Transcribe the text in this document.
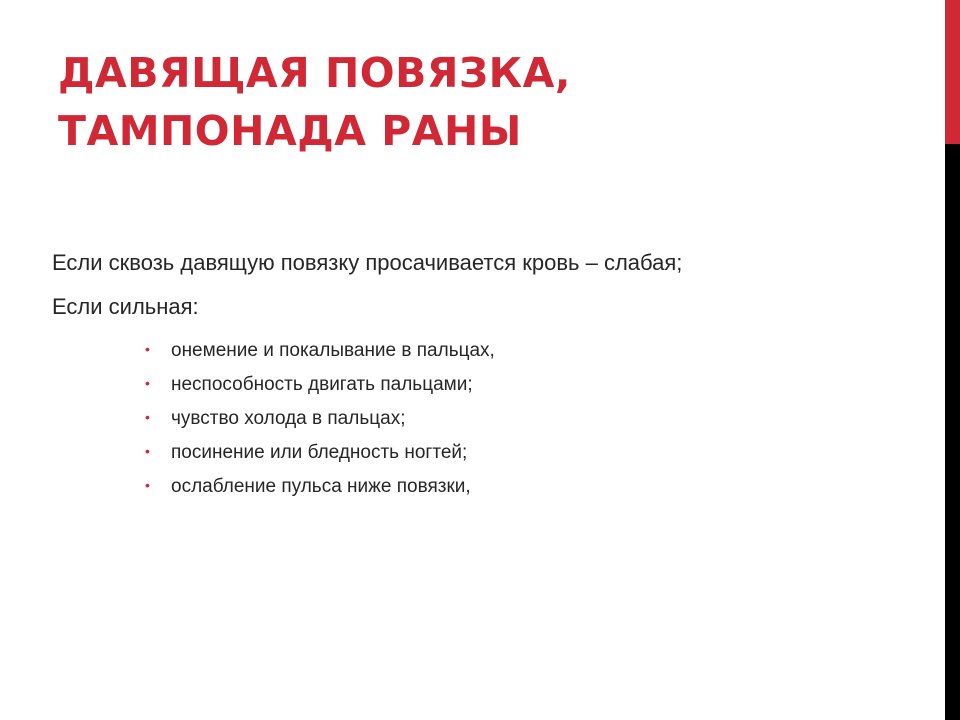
ДАВЯЩАЯ ПОВЯЗКА,
ТАМПОНАДА РАНЫ

Если сквозь давящую повязку просачивается кровь – слабая;

Если сильная:

• онемение и покалывание в пальцах,
• неспособность двигать пальцами;
• чувство холода в пальцах;
• посинение или бледность ногтей;
• ослабление пульса ниже повязки,
